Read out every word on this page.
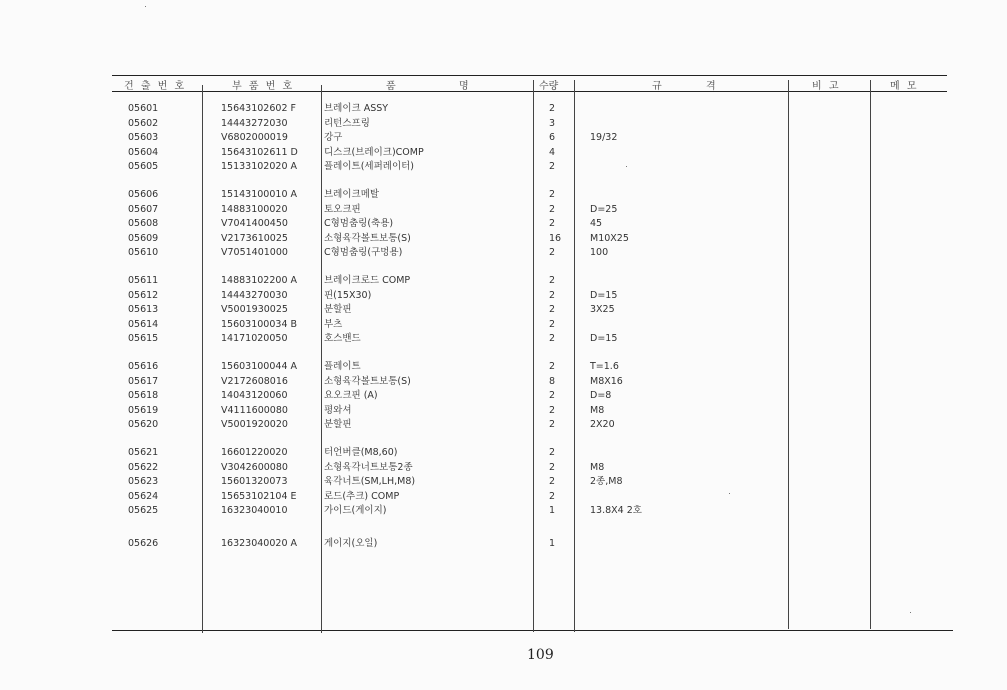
건 출 번 호	부 품 번 호	품	명	수량	규	격	비 고	메 모
05601	15643102602 F	브레이크 ASSY	2
05602	14443272030	리턴스프링	3
05603	V6802000019	강구	6	19/32
05604	15643102611 D	디스크(브레이크)COMP	4
05605	15133102020 A	플레이트(세퍼레이터)	2
05606	15143100010 A	브레이크메탈	2
05607	14883100020	토오크핀	2	D=25
05608	V7041400450	C형멈춤링(축용)	2	45
05609	V2173610025	소형육각볼트보통(S)	16	M10X25
05610	V7051401000	C형멈춤링(구멍용)	2	100
05611	14883102200 A	브레이크로드 COMP	2
05612	14443270030	핀(15X30)	2	D=15
05613	V5001930025	분할핀	2	3X25
05614	15603100034 B	부츠	2
05615	14171020050	호스밴드	2	D=15
05616	15603100044 A	플레이트	2	T=1.6
05617	V2172608016	소형육각볼트보통(S)	8	M8X16
05618	14043120060	요오크핀 (A)	2	D=8
05619	V4111600080	평와셔	2	M8
05620	V5001920020	분할핀	2	2X20
05621	16601220020	터언버클(M8,60)	2
05622	V3042600080	소형육각너트보통2종	2	M8
05623	15601320073	육각너트(SM,LH,M8)	2	2종,M8
05624	15653102104 E	로드(추크) COMP	2
05625	16323040010	가이드(게이지)	1	13.8X4 2호
05626	16323040020 A	게이지(오일)	1
109
